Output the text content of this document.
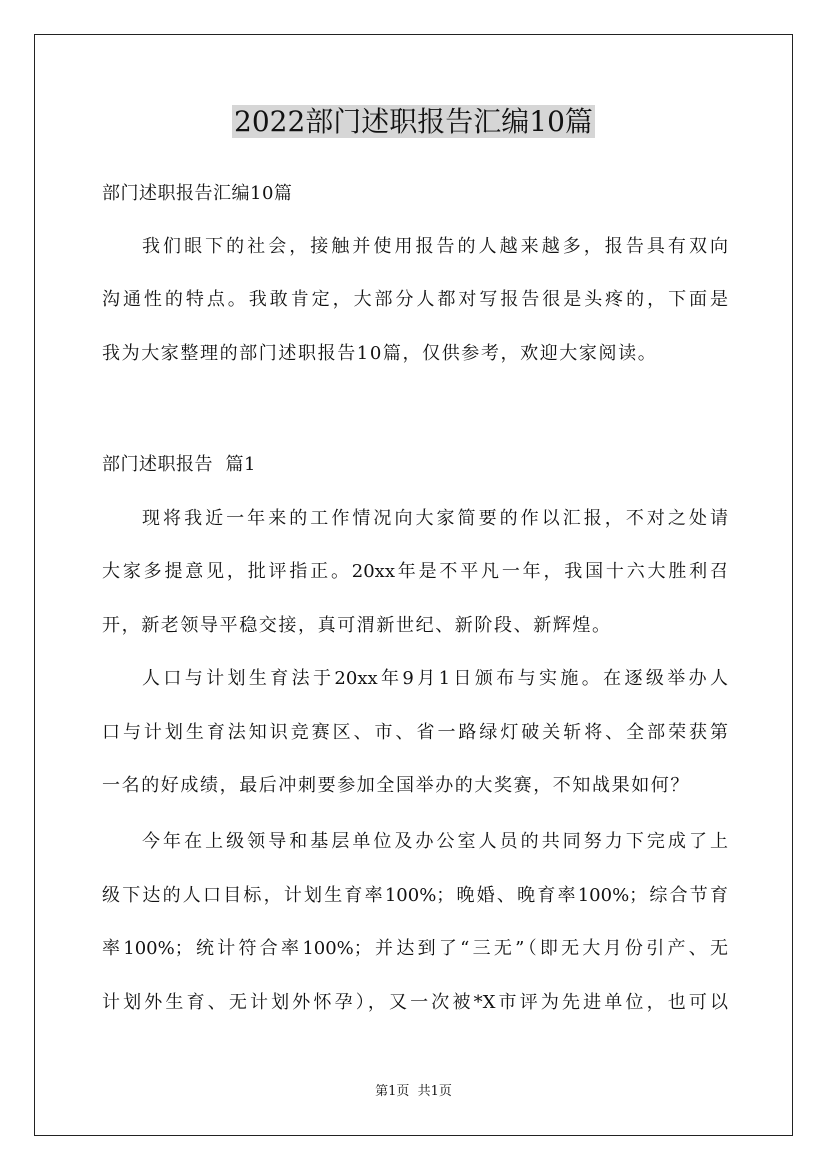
2022部门述职报告汇编10篇
部门述职报告汇编10篇
我们眼下的社会，接触并使用报告的人越来越多，报告具有双向
沟通性的特点。我敢肯定，大部分人都对写报告很是头疼的，下面是
我为大家整理的部门述职报告10篇，仅供参考，欢迎大家阅读。
部门述职报告  篇1
现将我近一年来的工作情况向大家简要的作以汇报，不对之处请
大家多提意见，批评指正。20xx年是不平凡一年，我国十六大胜利召
开，新老领导平稳交接，真可渭新世纪、新阶段、新辉煌。
人口与计划生育法于20xx年9月1日颁布与实施。在逐级举办人
口与计划生育法知识竞赛区、市、省一路绿灯破关斩将、全部荣获第
一名的好成绩，最后冲刺要参加全国举办的大奖赛，不知战果如何？
今年在上级领导和基层单位及办公室人员的共同努力下完成了上
级下达的人口目标，计划生育率100%；晚婚、晚育率100%；综合节育
率100%；统计符合率100%；并达到了“三无”（即无大月份引产、无
计划外生育、无计划外怀孕），又一次被*X市评为先进单位，也可以
第1页  共1页
